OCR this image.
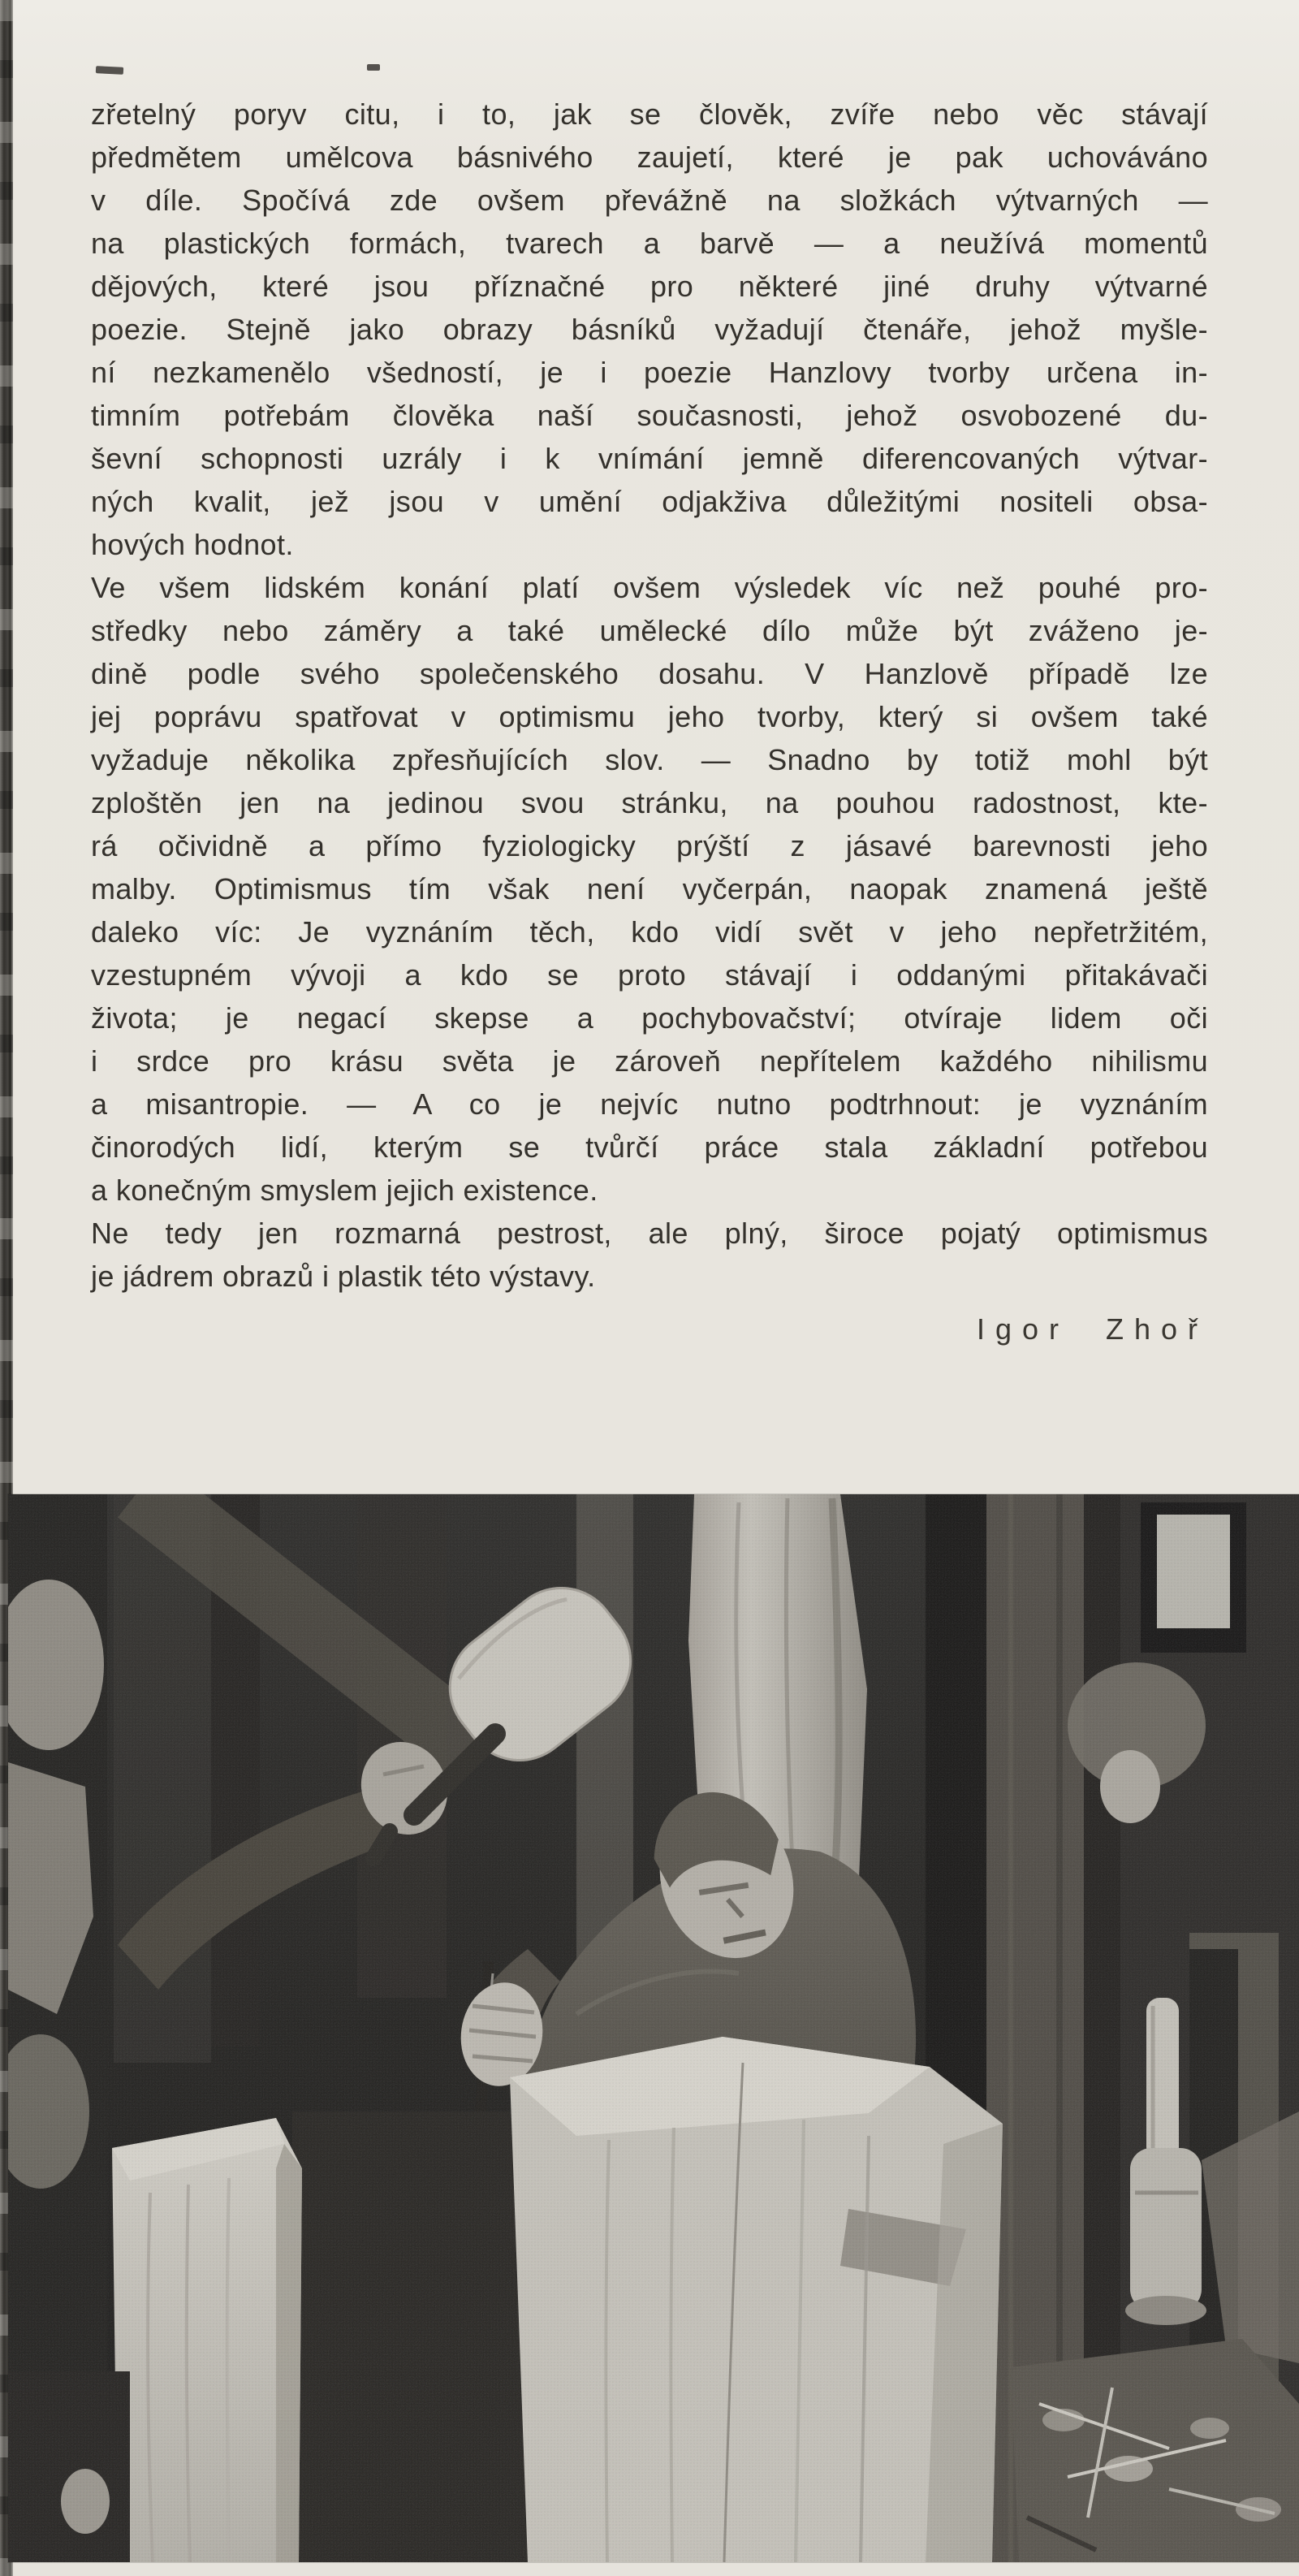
zřetelný poryv citu, i to, jak se člověk, zvíře nebo věc stávají
předmětem umělcova básnivého zaujetí, které je pak uchováváno
v díle. Spočívá zde ovšem převážně na složkách výtvarných —
na plastických formách, tvarech a barvě — a neužívá momentů
dějových, které jsou příznačné pro některé jiné druhy výtvarné
poezie. Stejně jako obrazy básníků vyžadují čtenáře, jehož myšle-
ní nezkamenělo všedností, je i poezie Hanzlovy tvorby určena in-
timním potřebám člověka naší současnosti, jehož osvobozené du-
ševní schopnosti uzrály i k vnímání jemně diferencovaných výtvar-
ných kvalit, jež jsou v umění odjakživa důležitými nositeli obsa-
hových hodnot.
Ve všem lidském konání platí ovšem výsledek víc než pouhé pro-
středky nebo záměry a také umělecké dílo může být zváženo je-
dině podle svého společenského dosahu. V Hanzlově případě lze
jej poprávu spatřovat v optimismu jeho tvorby, který si ovšem také
vyžaduje několika zpřesňujících slov. — Snadno by totiž mohl být
zploštěn jen na jedinou svou stránku, na pouhou radostnost, kte-
rá očividně a přímo fyziologicky prýští z jásavé barevnosti jeho
malby. Optimismus tím však není vyčerpán, naopak znamená ještě
daleko víc: Je vyznáním těch, kdo vidí svět v jeho nepřetržitém,
vzestupném vývoji a kdo se proto stávají i oddanými přitakávači
života; je negací skepse a pochybovačství; otvíraje lidem oči
i srdce pro krásu světa je zároveň nepřítelem každého nihilismu
a misantropie. — A co je nejvíc nutno podtrhnout: je vyznáním
činorodých lidí, kterým se tvůrčí práce stala základní potřebou
a konečným smyslem jejich existence.
Ne tedy jen rozmarná pestrost, ale plný, široce pojatý optimismus
je jádrem obrazů i plastik této výstavy.
Igor Zhoř
